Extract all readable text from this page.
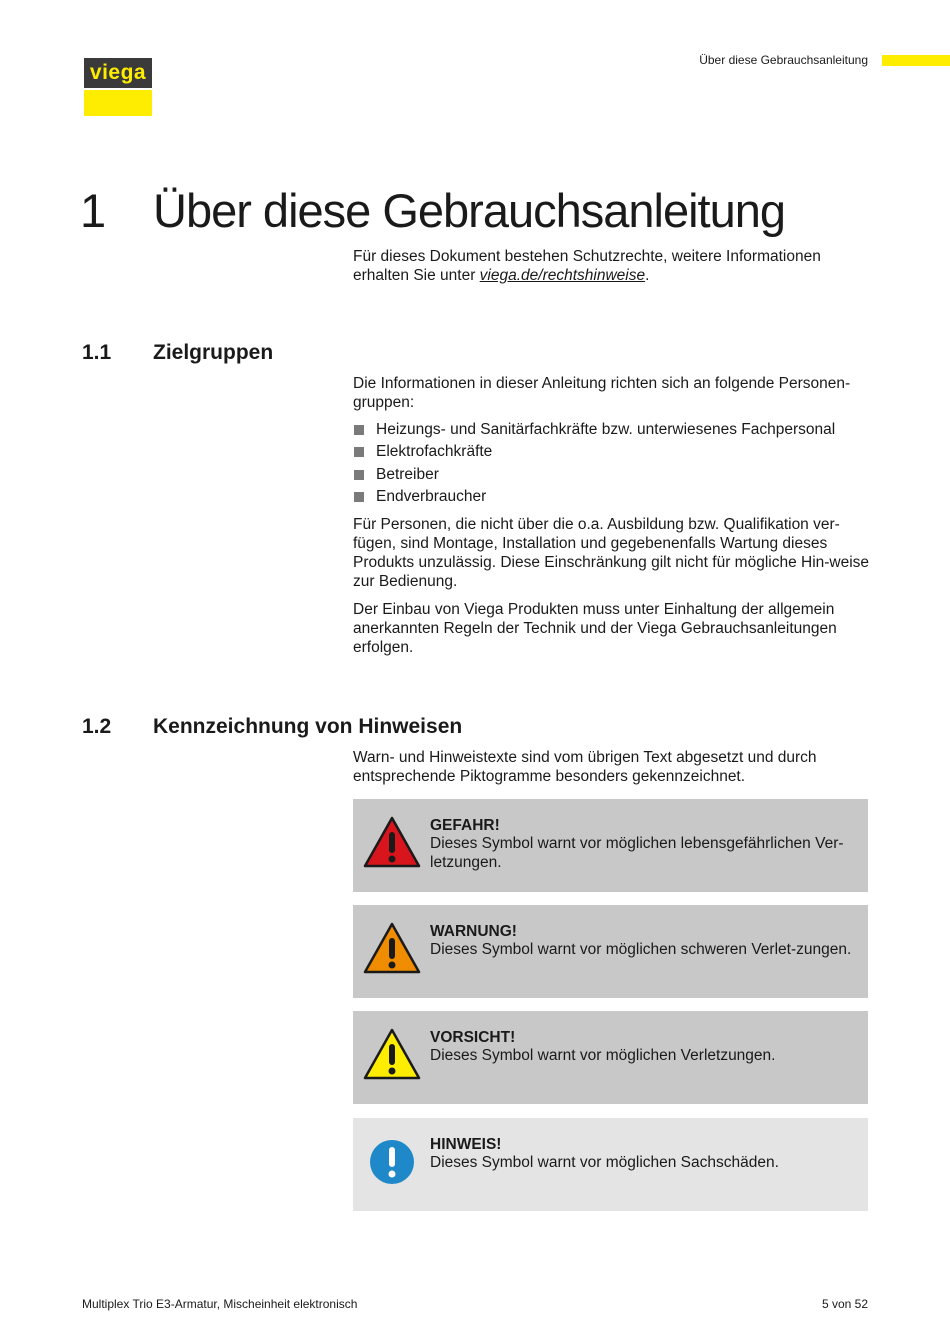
viega
Über diese Gebrauchsanleitung
1 Über diese Gebrauchsanleitung

Für dieses Dokument bestehen Schutzrechte, weitere Informationen erhalten Sie unter viega.de/rechtshinweise.

1.1 Zielgruppen

Die Informationen in dieser Anleitung richten sich an folgende Personen-gruppen:

Heizungs- und Sanitärfachkräfte bzw. unterwiesenes Fachpersonal
Elektrofachkräfte
Betreiber
Endverbraucher

Für Personen, die nicht über die o.a. Ausbildung bzw. Qualifikation ver-fügen, sind Montage, Installation und gegebenenfalls Wartung dieses Produkts unzulässig. Diese Einschränkung gilt nicht für mögliche Hin-weise zur Bedienung.

Der Einbau von Viega Produkten muss unter Einhaltung der allgemein anerkannten Regeln der Technik und der Viega Gebrauchsanleitungen erfolgen.

1.2 Kennzeichnung von Hinweisen

Warn- und Hinweistexte sind vom übrigen Text abgesetzt und durch entsprechende Piktogramme besonders gekennzeichnet.

GEFAHR!
Dieses Symbol warnt vor möglichen lebensgefährlichen Ver-letzungen.
WARNUNG!
Dieses Symbol warnt vor möglichen schweren Verlet-zungen.
VORSICHT!
Dieses Symbol warnt vor möglichen Verletzungen.
HINWEIS!
Dieses Symbol warnt vor möglichen Sachschäden.
Multiplex Trio E3-Armatur, Mischeinheit elektronisch	5 von 52
